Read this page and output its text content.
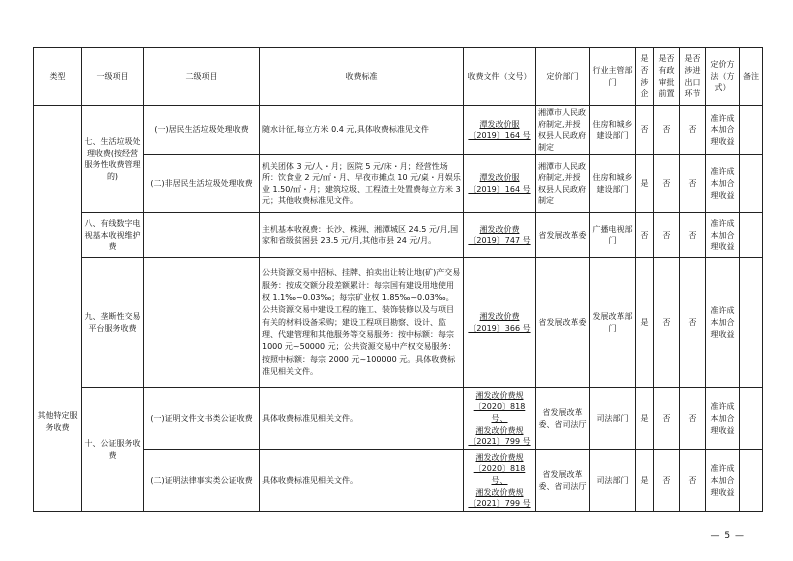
类型	一级项目	二级项目	收费标准	收费文件（文号）	定价部门	行业主管部门	是否涉企	是否有政审批前置	是否涉进出口环节	定价方法（方式）	备注
其他特定服务收费	七、生活垃圾处理收费(按经营服务性收费管理的)	(一)居民生活垃圾处理收费	随水计征,每立方米 0.4 元,具体收费标准见文件	潭发改价服
〔2019〕164 号	湘潭市人民政府制定,并授权县人民政府制定	住房和城乡建设部门	否	否	否	准许成本加合理收益	
		(二)非居民生活垃圾处理收费	机关团体 3 元/人・月；医院 5 元/床・月；经营性场所：饮食业 2 元/㎡・月、早夜市摊点 10 元/桌・月娱乐业 1.50/㎡・月；建筑垃圾、工程渣土处置费每立方米 3 元；其他收费标准见文件。	潭发改价服
〔2019〕164 号	湘潭市人民政府制定,并授权县人民政府制定	住房和城乡建设部门	是	否	否	准许成本加合理收益	
	八、有线数字电视基本收视维护费		主机基本收视费：长沙、株洲、湘潭城区 24.5 元/月,国家和省级贫困县 23.5 元/月,其他市县 24 元/月。	湘发改价费
〔2019〕747 号	省发展改革委	广播电视部门	否	否	否	准许成本加合理收益	
	九、垄断性交易平台服务收费		公共资源交易中招标、挂牌、拍卖出让转让地(矿)产交易服务：按成交额分段差额累计：每宗国有建设用地使用权 1.1‰~0.03‰；每宗矿业权 1.85‰~0.03‰。公共资源交易中建设工程的施工、装饰装修以及与项目有关的材料设备采购；建设工程项目勘察、设计、监理、代建管理和其他服务等交易服务：按中标额：每宗 1000 元~50000 元；公共资源交易中产权交易服务：按照中标额：每宗 2000 元~100000 元。具体收费标准见相关文件。	湘发改价费
〔2019〕366 号	省发展改革委	发展改革部门	是	否	否	准许成本加合理收益	
	十、公证服务收费	(一)证明文件文书类公证收费	具体收费标准见相关文件。	湘发改价费规
〔2020〕818 号、
湘发改价费规
〔2021〕799 号	省发展改革委、省司法厅	司法部门	是	否	否	准许成本加合理收益	
		(二)证明法律事实类公证收费	具体收费标准见相关文件。	湘发改价费规
〔2020〕818 号、
湘发改价费规
〔2021〕799 号	省发展改革委、省司法厅	司法部门	是	否	否	准许成本加合理收益	
— 5 —
